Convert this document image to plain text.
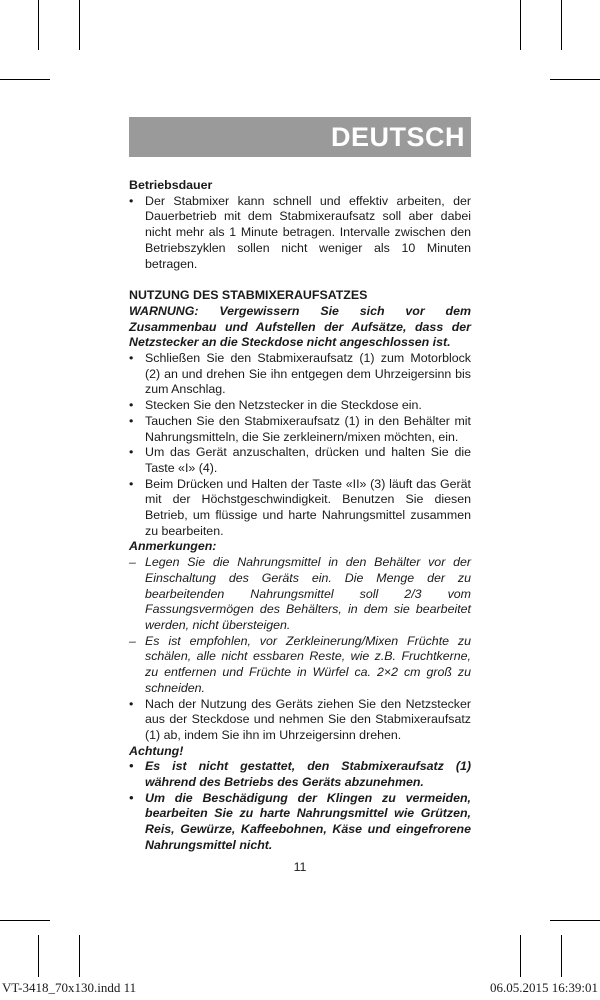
DEUTSCH
Betriebsdauer
• Der Stabmixer kann schnell und effektiv arbeiten, der Dauerbetrieb mit dem Stabmixeraufsatz soll aber dabei nicht mehr als 1 Minute betragen. Intervalle zwischen den Betriebszyklen sollen nicht weniger als 10 Minuten betragen.
NUTZUNG DES STABMIXERAUFSATZES
WARNUNG: Vergewissern Sie sich vor dem Zusammenbau und Aufstellen der Aufsätze, dass der Netzstecker an die Steckdose nicht angeschlossen ist.
• Schließen Sie den Stabmixeraufsatz (1) zum Motorblock (2) an und drehen Sie ihn entgegen dem Uhrzeigersinn bis zum Anschlag.
• Stecken Sie den Netzstecker in die Steckdose ein.
• Tauchen Sie den Stabmixeraufsatz (1) in den Behälter mit Nahrungsmitteln, die Sie zerkleinern/mixen möchten, ein.
• Um das Gerät anzuschalten, drücken und halten Sie die Taste «I» (4).
• Beim Drücken und Halten der Taste «II» (3) läuft das Gerät mit der Höchstgeschwindigkeit. Benutzen Sie diesen Betrieb, um flüssige und harte Nahrungsmittel zusammen zu bearbeiten.
Anmerkungen:
– Legen Sie die Nahrungsmittel in den Behälter vor der Einschaltung des Geräts ein. Die Menge der zu bearbeitenden Nahrungsmittel soll 2/3 vom Fassungsvermögen des Behälters, in dem sie bearbeitet werden, nicht übersteigen.
– Es ist empfohlen, vor Zerkleinerung/Mixen Früchte zu schälen, alle nicht essbaren Reste, wie z.B. Fruchtkerne, zu entfernen und Früchte in Würfel ca. 2×2 cm groß zu schneiden.
• Nach der Nutzung des Geräts ziehen Sie den Netzstecker aus der Steckdose und nehmen Sie den Stabmixeraufsatz (1) ab, indem Sie ihn im Uhrzeigersinn drehen.
Achtung!
• Es ist nicht gestattet, den Stabmixeraufsatz (1) während des Betriebs des Geräts abzunehmen.
• Um die Beschädigung der Klingen zu vermeiden, bearbeiten Sie zu harte Nahrungsmittel wie Grützen, Reis, Gewürze, Kaffeebohnen, Käse und eingefrorene Nahrungsmittel nicht.
11
VT-3418_70x130.indd 11	06.05.2015 16:39:01
